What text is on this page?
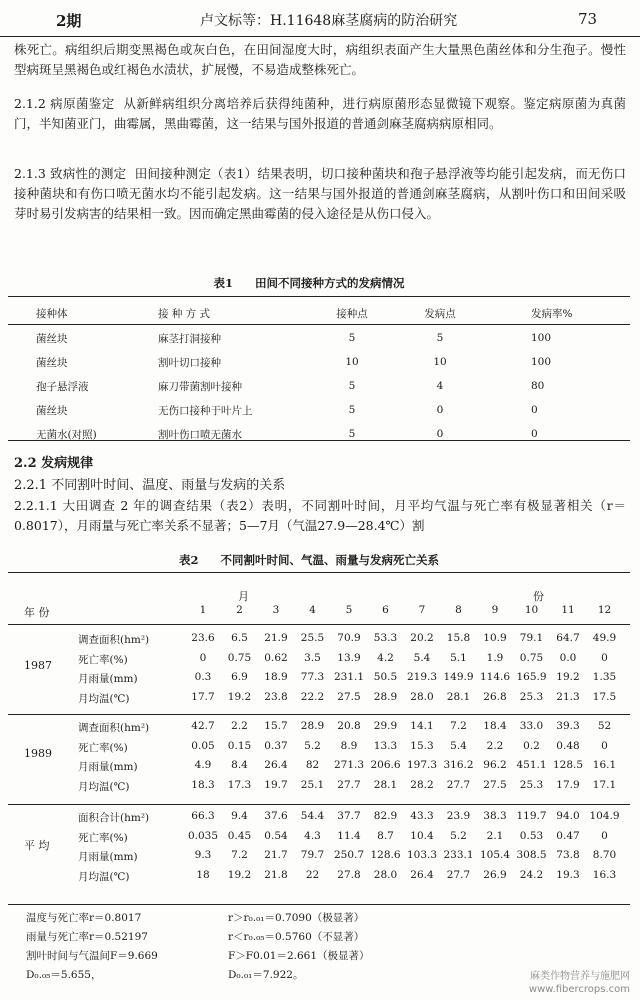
2期	卢文标等：H.11648麻茎腐病的防治研究	73

株死亡。病组织后期变黑褐色或灰白色，在田间湿度大时，病组织表面产生大量黑色菌丝体和分生孢子。慢性型病斑呈黑褐色或红褐色水渍状，扩展慢，不易造成整株死亡。

2.1.2 病原菌鉴定 从新鲜病组织分离培养后获得纯菌种，进行病原菌形态显微镜下观察。鉴定病原菌为真菌门，半知菌亚门，曲霉属，黑曲霉菌，这一结果与国外报道的普通剑麻茎腐病病原相同。

2.1.3 致病性的测定 田间接种测定（表1）结果表明，切口接种菌块和孢子悬浮液等均能引起发病，而无伤口接种菌块和有伤口喷无菌水均不能引起发病。这一结果与国外报道的普通剑麻茎腐病，从割叶伤口和田间采吸芽时易引发病害的结果相一致。因而确定黑曲霉菌的侵入途径是从伤口侵入。

表1 田间不同接种方式的发病情况

接种体	接 种 方 式	接种点	发病点	发病率%
菌丝块	麻茎打洞接种	5	5	100
菌丝块	割叶切口接种	10	10	100
孢子悬浮液	麻刀带菌割叶接种	5	4	80
菌丝块	无伤口接种于叶片上	5	0	0
无菌水(对照)	割叶伤口喷无菌水	5	0	0

2.2 发病规律

2.2.1 不同割叶时间、温度、雨量与发病的关系

2.2.1.1 大田调查 2 年的调查结果（表2）表明，不同割叶时间，月平均气温与死亡率有极显著相关（r＝0.8017），月雨量与死亡率关系不显著；5—7月（气温27.9—28.4℃）割

表2 不同割叶时间、气温、雨量与发病死亡关系

年 份
月	份
1	2	3	4	5	6	7	8	9	10	11	12
1987
调查面积(hm²)	23.6	6.5	21.9	25.5	70.9	53.3	20.2	15.8	10.9	79.1	64.7	49.9
死亡率(%)	0	0.75	0.62	3.5	13.9	4.2	5.4	5.1	1.9	0.75	0.0	0
月雨量(mm)	0.3	6.9	18.9	77.3 231.1 50.5 219.3 149.9 114.6 165.9 19.2	1.35
月均温(℃)	17.7	19.2	23.8	22.2	27.5	28.9	28.0	28.1	26.8	25.3	21.3	17.5
1989
调查面积(hm²)	42.7	2.2	15.7	28.9	20.8	29.9	14.1	7.2	18.4	33.0	39.3	52
死亡率(%)	0.05	0.15	0.37	5.2	8.9	13.3	15.3	5.4	2.2	0.2	0.48	0
月雨量(mm)	4.9	8.4	26.4	82	271.3 206.6 197.3 316.2 96.2 451.1 128.5 16.1
月均温(℃)	18.3	17.3	19.7	25.1	27.7	28.1	28.2	27.7	27.5	25.3	17.9	17.1
平 均
面积合计(hm²)	66.3	9.4	37.6	54.4	37.7	82.9	43.3	23.9	38.3 119.7 94.0 104.9
死亡率(%)	0.035 0.45	0.54	4.3	11.4	8.7	10.4	5.2	2.1	0.53	0.47	0
月雨量(mm)	9.3	7.2	21.7	79.7 250.7 128.6 103.3 233.1 105.4 308.5 73.8	8.70
月均温(℃)	18	19.2	21.8	22	27.8	28.0	26.4	27.7	26.9	24.2	19.3	16.3
温度与死亡率r＝0.8017	r＞r₀.₀₁＝0.7090（极显著）
雨量与死亡率r＝0.52197	r＜r₀.₀₅＝0.5760（不显著）
割叶时间与气温间F＝9.669	F＞F0.01＝2.661（极显著）
D₀.₀₅＝5.655，	D₀.₀₁＝7.922。	麻类作物营养与施肥网
www.fibercrops.com
